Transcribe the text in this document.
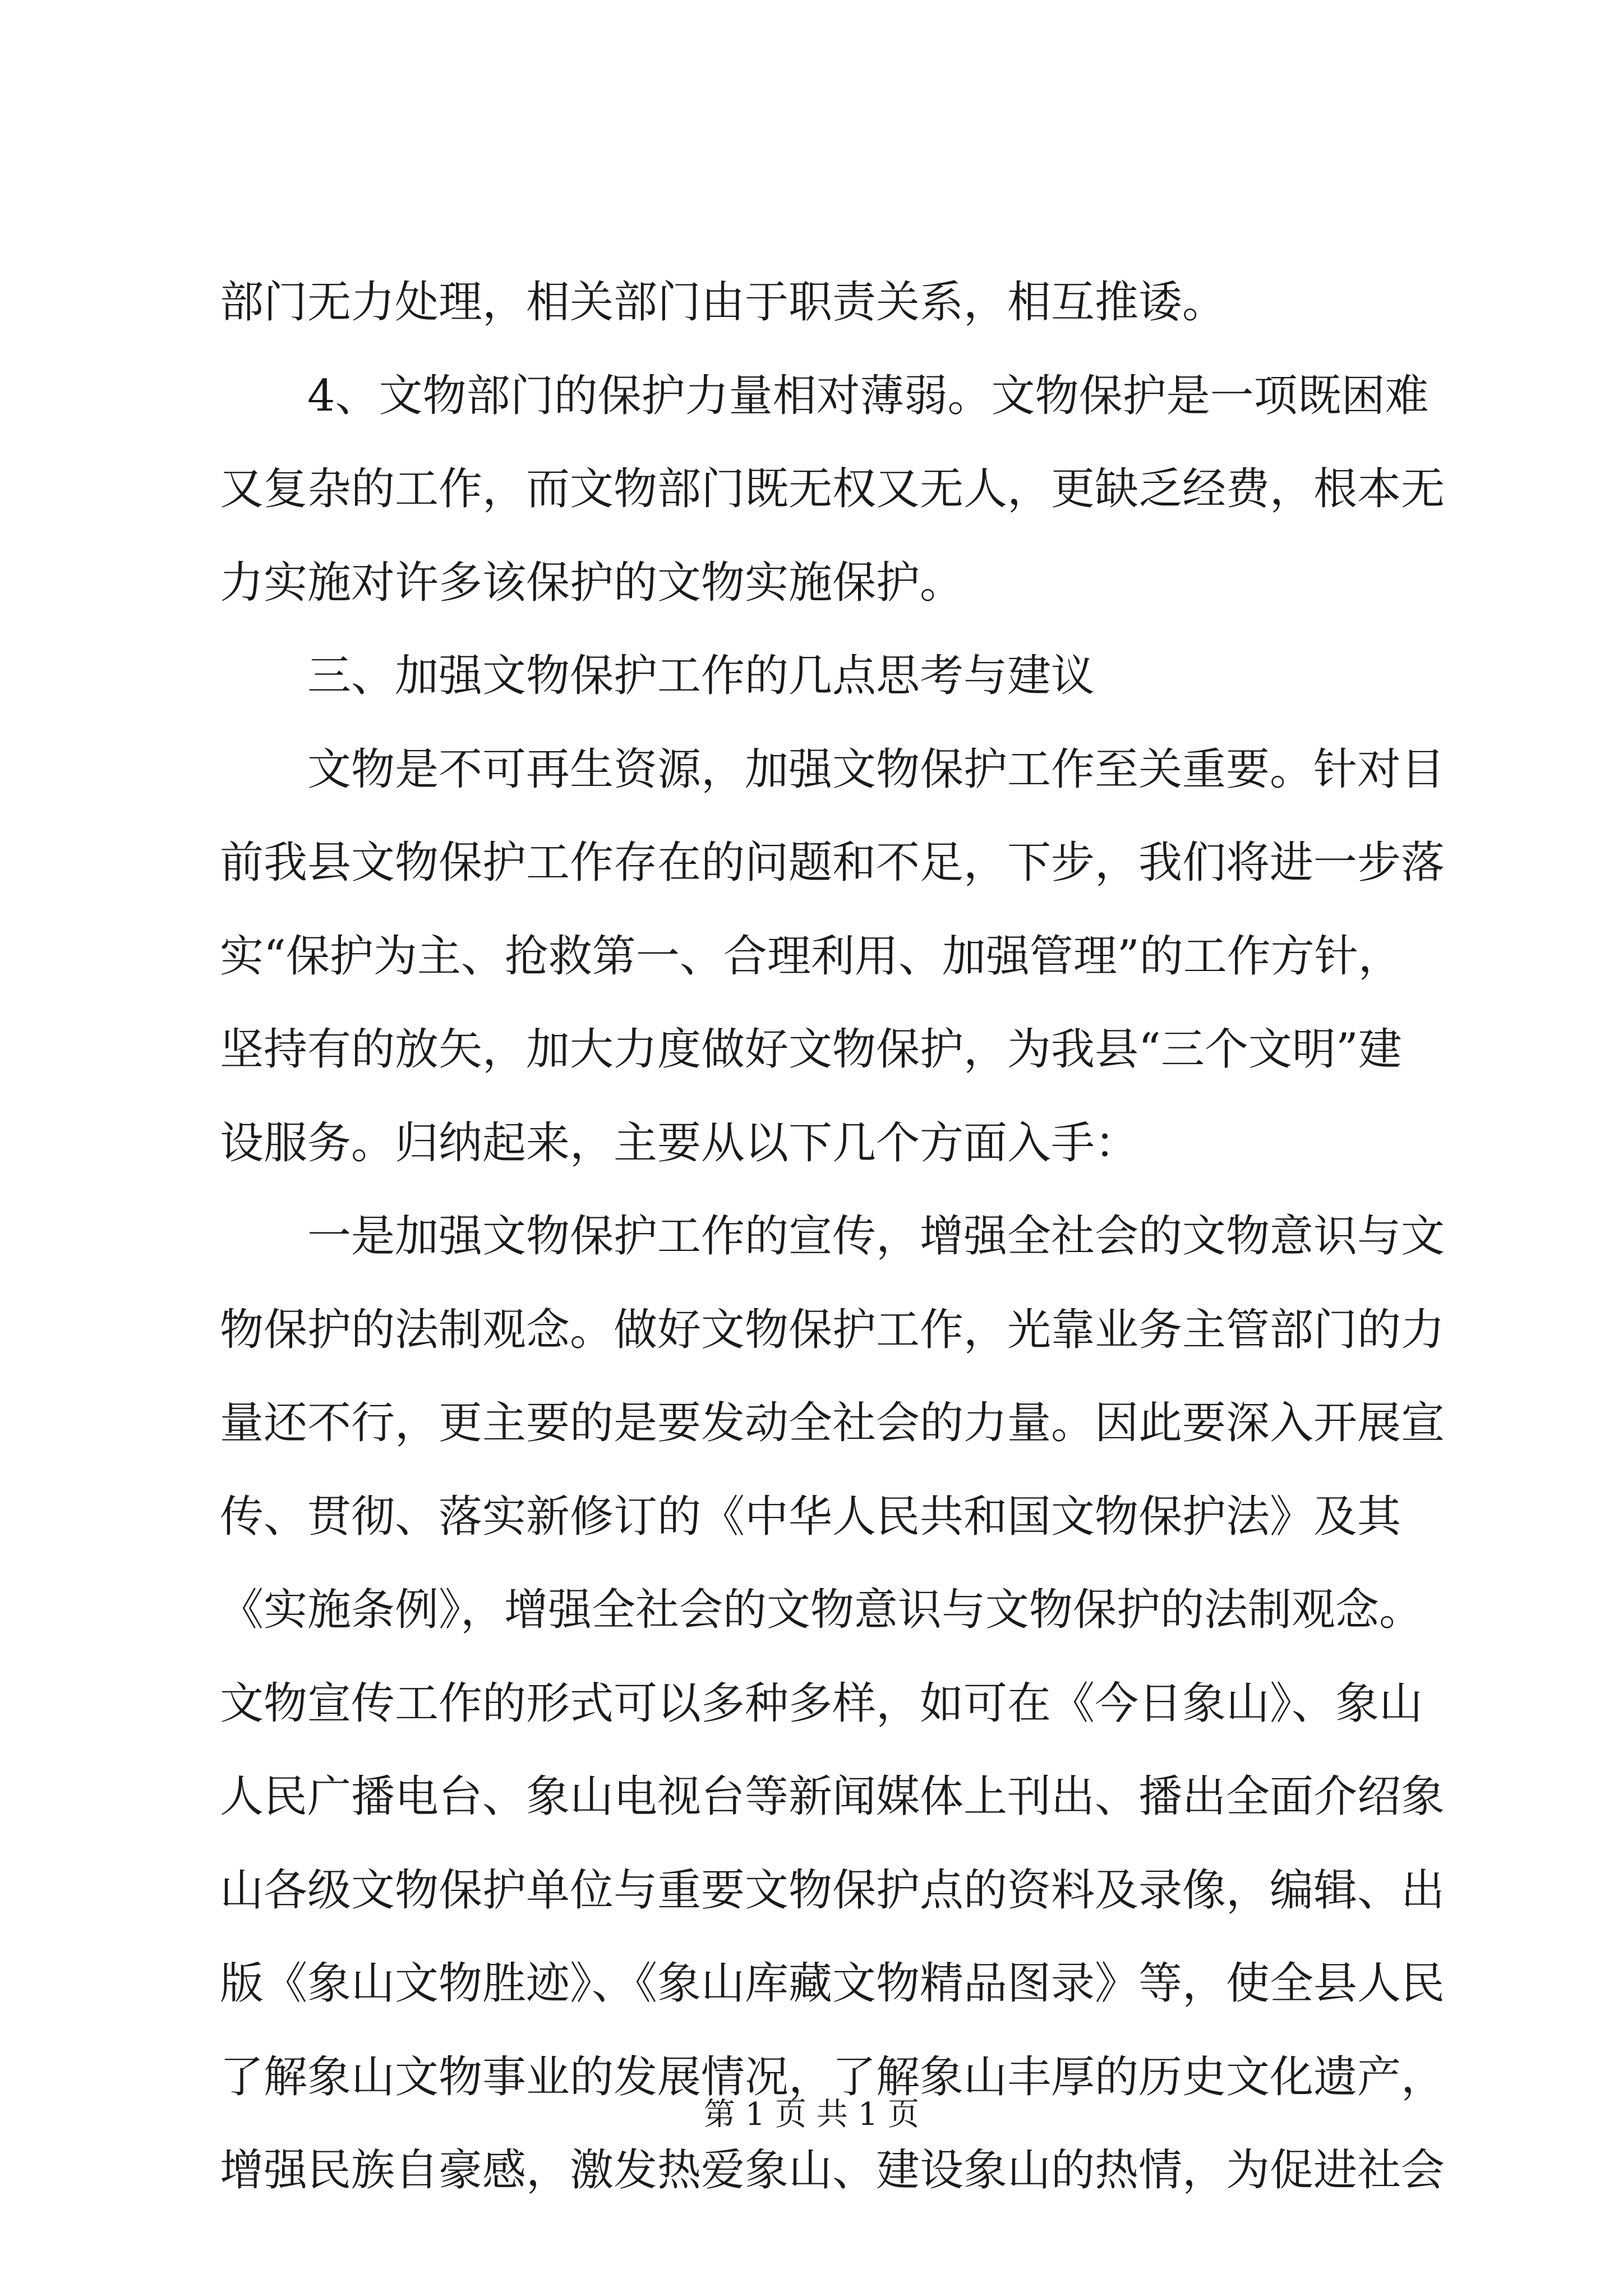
部门无力处理，相关部门由于职责关系，相互推诿。
　　4、文物部门的保护力量相对薄弱。文物保护是一项既困难
又复杂的工作，而文物部门既无权又无人，更缺乏经费，根本无
力实施对许多该保护的文物实施保护。
　　三、加强文物保护工作的几点思考与建议
　　文物是不可再生资源，加强文物保护工作至关重要。针对目
前我县文物保护工作存在的问题和不足，下步，我们将进一步落
实“保护为主、抢救第一、合理利用、加强管理”的工作方针，
坚持有的放矢，加大力度做好文物保护，为我县“三个文明”建
设服务。归纳起来，主要从以下几个方面入手：
　　一是加强文物保护工作的宣传，增强全社会的文物意识与文
物保护的法制观念。做好文物保护工作，光靠业务主管部门的力
量还不行，更主要的是要发动全社会的力量。因此要深入开展宣
传、贯彻、落实新修订的《中华人民共和国文物保护法》及其
《实施条例》，增强全社会的文物意识与文物保护的法制观念。
文物宣传工作的形式可以多种多样，如可在《今日象山》、象山
人民广播电台、象山电视台等新闻媒体上刊出、播出全面介绍象
山各级文物保护单位与重要文物保护点的资料及录像，编辑、出
版《象山文物胜迹》、《象山库藏文物精品图录》等，使全县人民
了解象山文物事业的发展情况，了解象山丰厚的历史文化遗产，
增强民族自豪感，激发热爱象山、建设象山的热情，为促进社会
第 1 页 共 1 页
